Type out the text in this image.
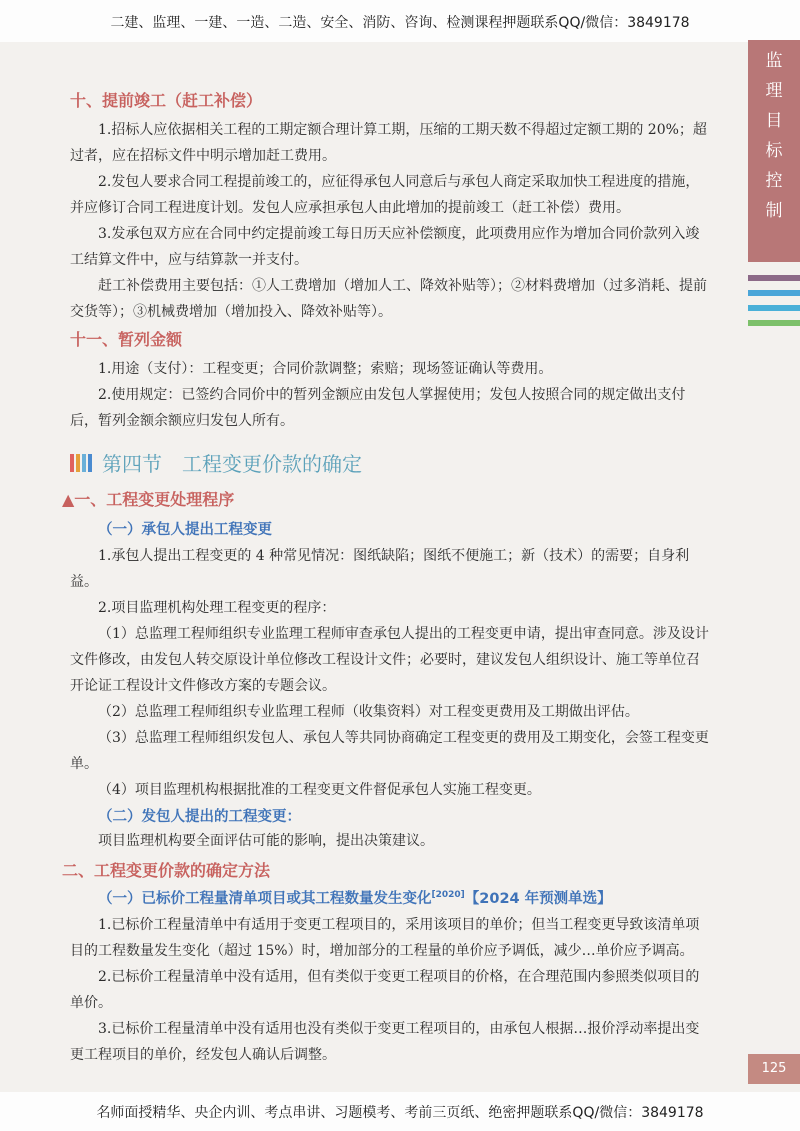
二建、监理、一建、一造、二造、安全、消防、咨询、检测课程押题联系QQ/微信：3849178
监
理
目
标
控
制
十、提前竣工（赶工补偿）

1.招标人应依据相关工程的工期定额合理计算工期，压缩的工期天数不得超过定额工期的 20%；超过者，应在招标文件中明示增加赶工费用。

2.发包人要求合同工程提前竣工的，应征得承包人同意后与承包人商定采取加快工程进度的措施，并应修订合同工程进度计划。发包人应承担承包人由此增加的提前竣工（赶工补偿）费用。

3.发承包双方应在合同中约定提前竣工每日历天应补偿额度，此项费用应作为增加合同价款列入竣工结算文件中，应与结算款一并支付。

赶工补偿费用主要包括：①人工费增加（增加人工、降效补贴等）；②材料费增加（过多消耗、提前交货等）；③机械费增加（增加投入、降效补贴等）。

十一、暂列金额

1.用途（支付）：工程变更；合同价款调整；索赔；现场签证确认等费用。

2.使用规定：已签约合同价中的暂列金额应由发包人掌握使用；发包人按照合同的规定做出支付后，暂列金额余额应归发包人所有。

第四节　工程变更价款的确定
▲一、工程变更处理程序
（一）承包人提出工程变更

1.承包人提出工程变更的 4 种常见情况：图纸缺陷；图纸不便施工；新（技术）的需要；自身利益。

2.项目监理机构处理工程变更的程序：

（1）总监理工程师组织专业监理工程师审查承包人提出的工程变更申请，提出审查同意。涉及设计文件修改，由发包人转交原设计单位修改工程设计文件；必要时，建议发包人组织设计、施工等单位召开论证工程设计文件修改方案的专题会议。

（2）总监理工程师组织专业监理工程师（收集资料）对工程变更费用及工期做出评估。

（3）总监理工程师组织发包人、承包人等共同协商确定工程变更的费用及工期变化，会签工程变更单。

（4）项目监理机构根据批准的工程变更文件督促承包人实施工程变更。

（二）发包人提出的工程变更：

项目监理机构要全面评估可能的影响，提出决策建议。

二、工程变更价款的确定方法
（一）已标价工程量清单项目或其工程数量发生变化[2020]【2024 年预测单选】

1.已标价工程量清单中有适用于变更工程项目的，采用该项目的单价；但当工程变更导致该清单项目的工程数量发生变化（超过 15%）时，增加部分的工程量的单价应予调低，减少…单价应予调高。

2.已标价工程量清单中没有适用，但有类似于变更工程项目的价格，在合理范围内参照类似项目的单价。

3.已标价工程量清单中没有适用也没有类似于变更工程项目的，由承包人根据…报价浮动率提出变更工程项目的单价，经发包人确认后调整。

125
名师面授精华、央企内训、考点串讲、习题模考、考前三页纸、绝密押题联系QQ/微信：3849178
